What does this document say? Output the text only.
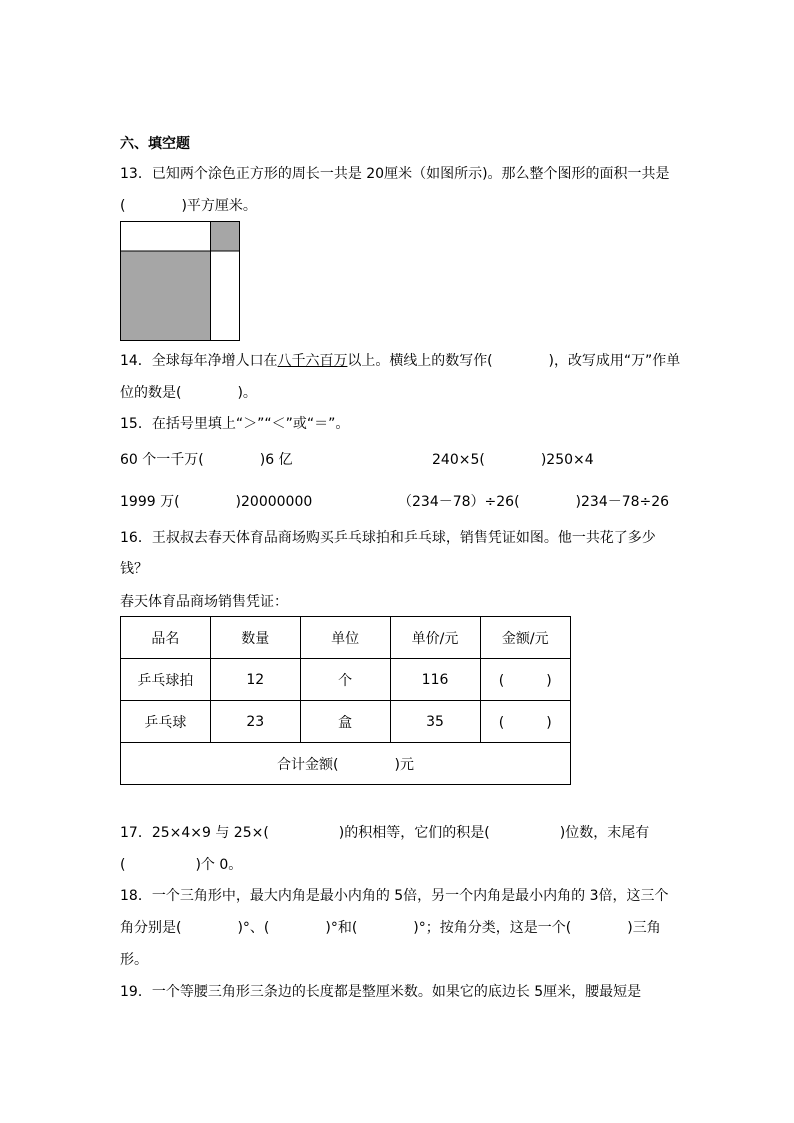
六、填空题
13．已知两个涂色正方形的周长一共是 20厘米（如图所示)。那么整个图形的面积一共是
(　　　　)平方厘米。
14．全球每年净增人口在八千六百万以上。横线上的数写作(　　　　)，改写成用“万”作单
位的数是(　　　　)。
15．在括号里填上“＞”“＜”或“＝”。
60 个一千万(　　　　)6 亿	240×5(　　　　)250×4
1999 万(　　　　)20000000	（234－78）÷26(　　　　)234－78÷26
16．王叔叔去春天体育品商场购买乒乓球拍和乒乓球，销售凭证如图。他一共花了多少
钱？
春天体育品商场销售凭证：
品名	数量	单位	单价/元	金额/元
乒乓球拍	12	个	116	(　　　)
乒乓球	23	盒	35	(　　　)
合计金额(　　　　)元				
17．25×4×9 与 25×(　　　　　)的积相等，它们的积是(　　　　　)位数，末尾有
(　　　　　)个 0。
18．一个三角形中，最大内角是最小内角的 5倍，另一个内角是最小内角的 3倍，这三个
角分别是(　　　　)°、(　　　　)°和(　　　　)°；按角分类，这是一个(　　　　)三角
形。
19．一个等腰三角形三条边的长度都是整厘米数。如果它的底边长 5厘米，腰最短是
